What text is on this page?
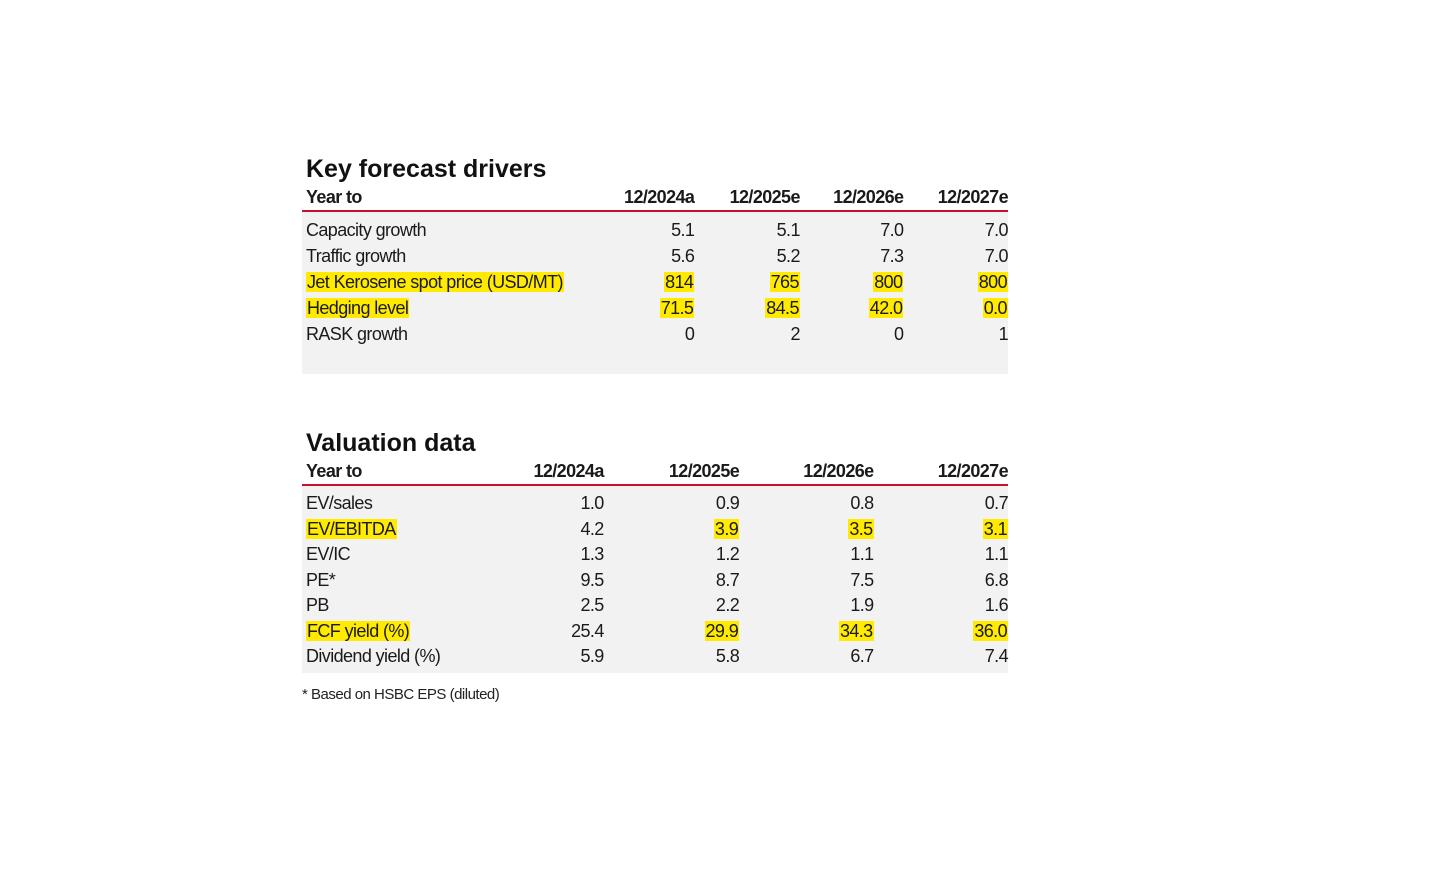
Key forecast drivers
Year to	12/2024a	12/2025e	12/2026e	12/2027e
Capacity growth	5.1	5.1	7.0	7.0
Traffic growth	5.6	5.2	7.3	7.0
Jet Kerosene spot price (USD/MT)	814	765	800	800
Hedging level	71.5	84.5	42.0	0.0
RASK growth	0	2	0	1
Valuation data
Year to	12/2024a	12/2025e	12/2026e	12/2027e
EV/sales	1.0	0.9	0.8	0.7
EV/EBITDA	4.2	3.9	3.5	3.1
EV/IC	1.3	1.2	1.1	1.1
PE*	9.5	8.7	7.5	6.8
PB	2.5	2.2	1.9	1.6
FCF yield (%)	25.4	29.9	34.3	36.0
Dividend yield (%)	5.9	5.8	6.7	7.4
* Based on HSBC EPS (diluted)
